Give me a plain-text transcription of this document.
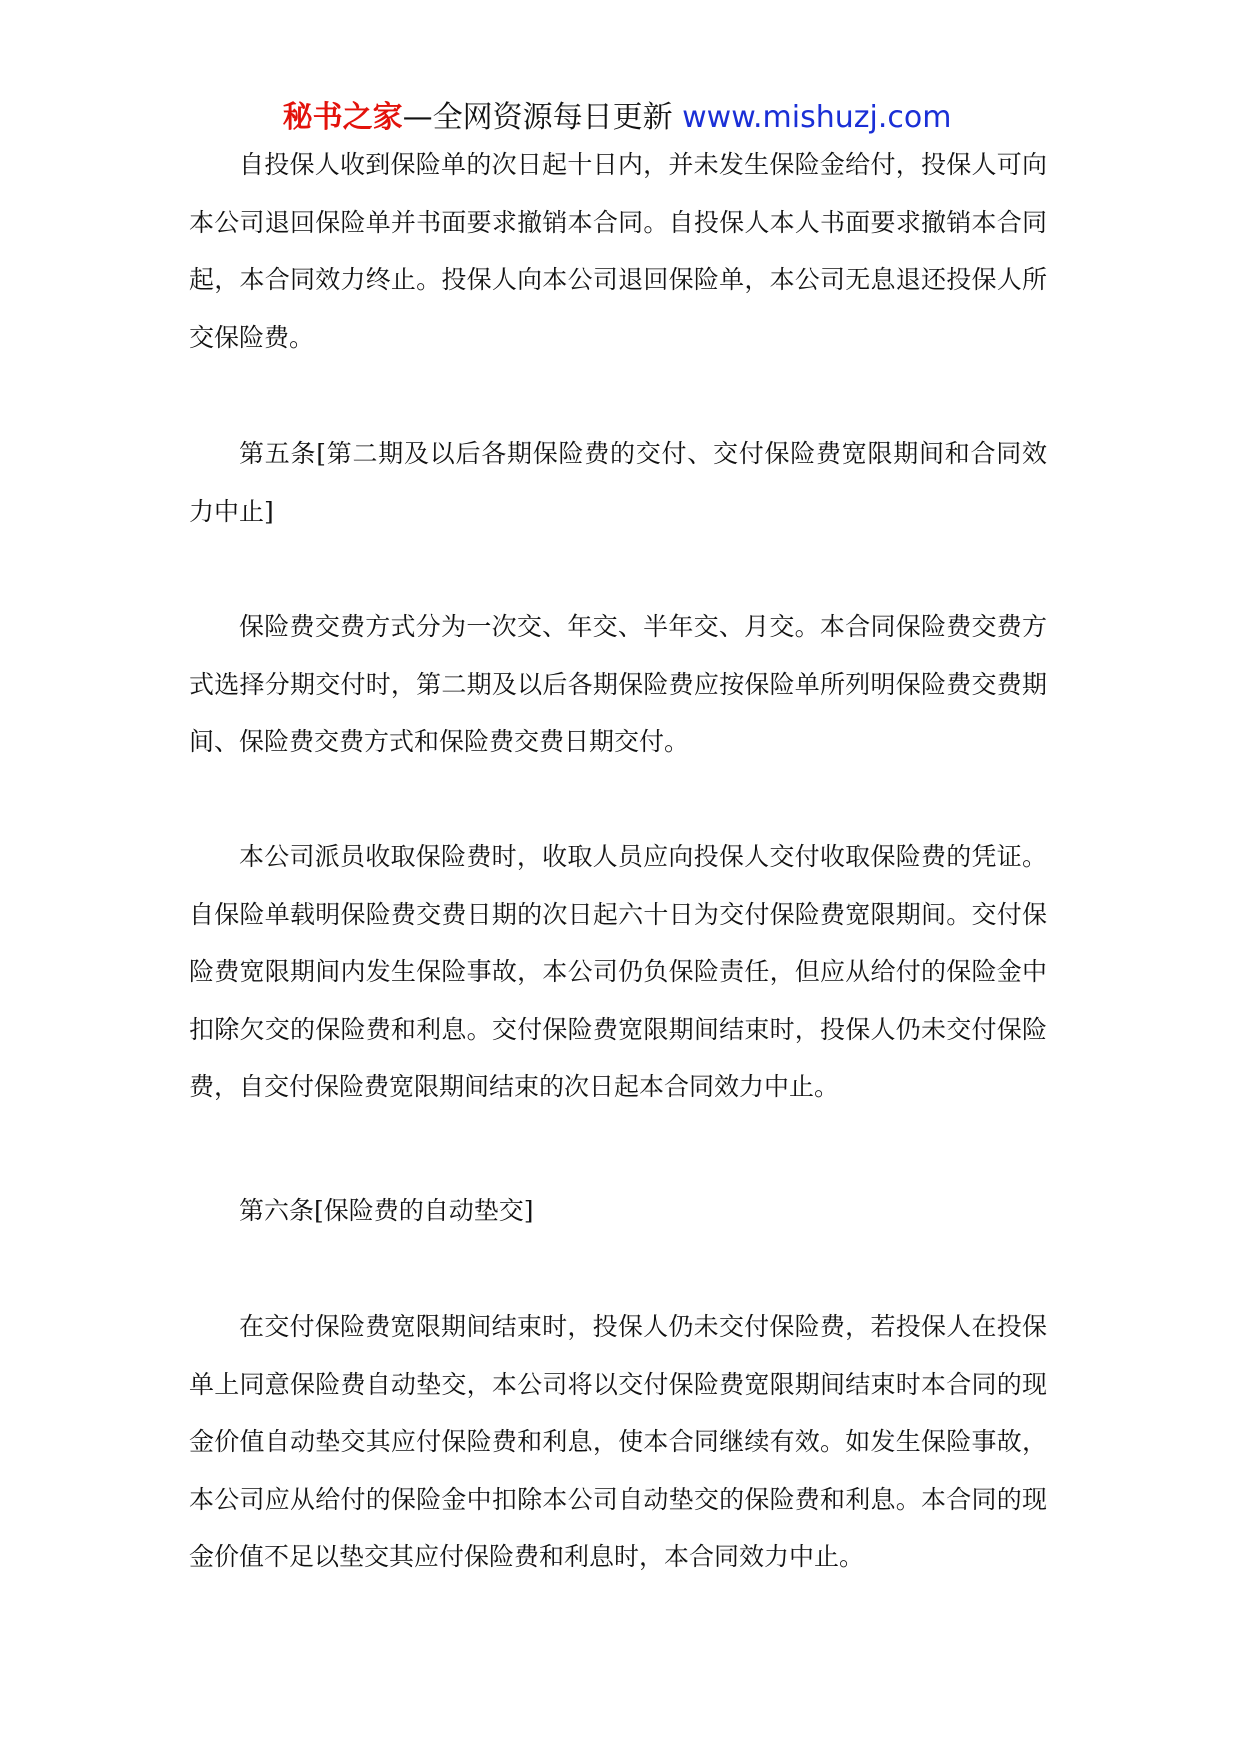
秘书之家—全网资源每日更新 www.mishuzj.com

自投保人收到保险单的次日起十日内，并未发生保险金给付，投保人可向本公司退回保险单并书面要求撤销本合同。自投保人本人书面要求撤销本合同起，本合同效力终止。投保人向本公司退回保险单，本公司无息退还投保人所交保险费。

第五条[第二期及以后各期保险费的交付、交付保险费宽限期间和合同效力中止]

保险费交费方式分为一次交、年交、半年交、月交。本合同保险费交费方式选择分期交付时，第二期及以后各期保险费应按保险单所列明保险费交费期间、保险费交费方式和保险费交费日期交付。

本公司派员收取保险费时，收取人员应向投保人交付收取保险费的凭证。自保险单载明保险费交费日期的次日起六十日为交付保险费宽限期间。交付保险费宽限期间内发生保险事故，本公司仍负保险责任，但应从给付的保险金中扣除欠交的保险费和利息。交付保险费宽限期间结束时，投保人仍未交付保险费，自交付保险费宽限期间结束的次日起本合同效力中止。

第六条[保险费的自动垫交]

在交付保险费宽限期间结束时，投保人仍未交付保险费，若投保人在投保单上同意保险费自动垫交，本公司将以交付保险费宽限期间结束时本合同的现金价值自动垫交其应付保险费和利息，使本合同继续有效。如发生保险事故，本公司应从给付的保险金中扣除本公司自动垫交的保险费和利息。本合同的现金价值不足以垫交其应付保险费和利息时，本合同效力中止。
